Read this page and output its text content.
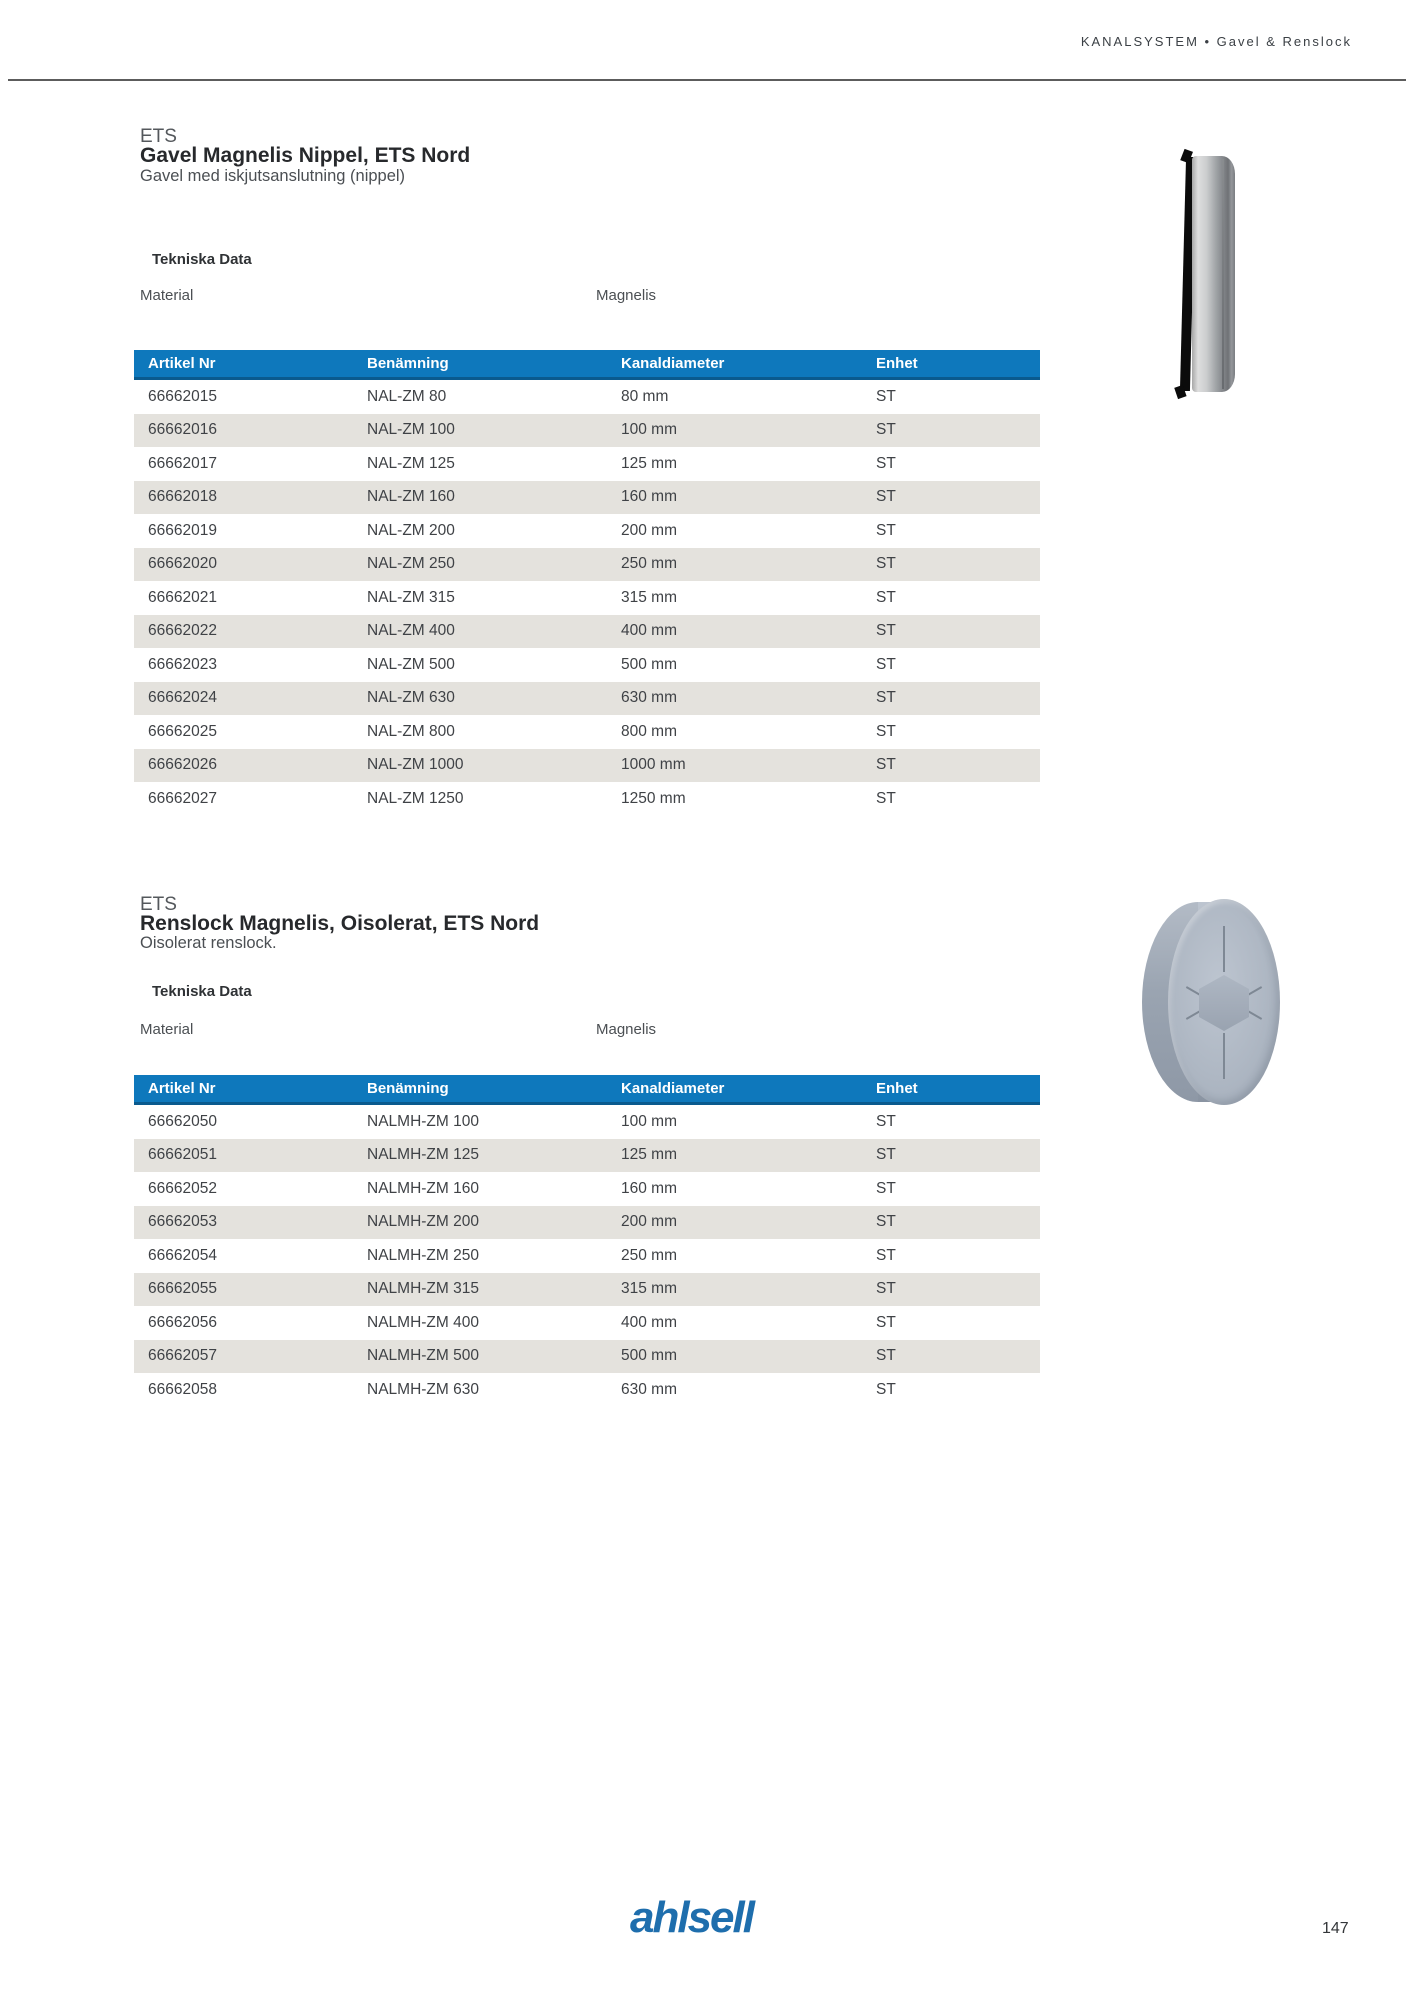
KANALSYSTEM • Gavel & Renslock
ETS
Gavel Magnelis Nippel, ETS Nord
Gavel med iskjutsanslutning (nippel)
Tekniska Data
Material	Magnelis
Artikel Nr	Benämning	Kanaldiameter	Enhet
66662015	NAL-ZM 80	80 mm	ST
66662016	NAL-ZM 100	100 mm	ST
66662017	NAL-ZM 125	125 mm	ST
66662018	NAL-ZM 160	160 mm	ST
66662019	NAL-ZM 200	200 mm	ST
66662020	NAL-ZM 250	250 mm	ST
66662021	NAL-ZM 315	315 mm	ST
66662022	NAL-ZM 400	400 mm	ST
66662023	NAL-ZM 500	500 mm	ST
66662024	NAL-ZM 630	630 mm	ST
66662025	NAL-ZM 800	800 mm	ST
66662026	NAL-ZM 1000	1000 mm	ST
66662027	NAL-ZM 1250	1250 mm	ST
ETS
Renslock Magnelis, Oisolerat, ETS Nord
Oisolerat renslock.
Tekniska Data
Material	Magnelis
Artikel Nr	Benämning	Kanaldiameter	Enhet
66662050	NALMH-ZM 100	100 mm	ST
66662051	NALMH-ZM 125	125 mm	ST
66662052	NALMH-ZM 160	160 mm	ST
66662053	NALMH-ZM 200	200 mm	ST
66662054	NALMH-ZM 250	250 mm	ST
66662055	NALMH-ZM 315	315 mm	ST
66662056	NALMH-ZM 400	400 mm	ST
66662057	NALMH-ZM 500	500 mm	ST
66662058	NALMH-ZM 630	630 mm	ST
ahlsell	147
